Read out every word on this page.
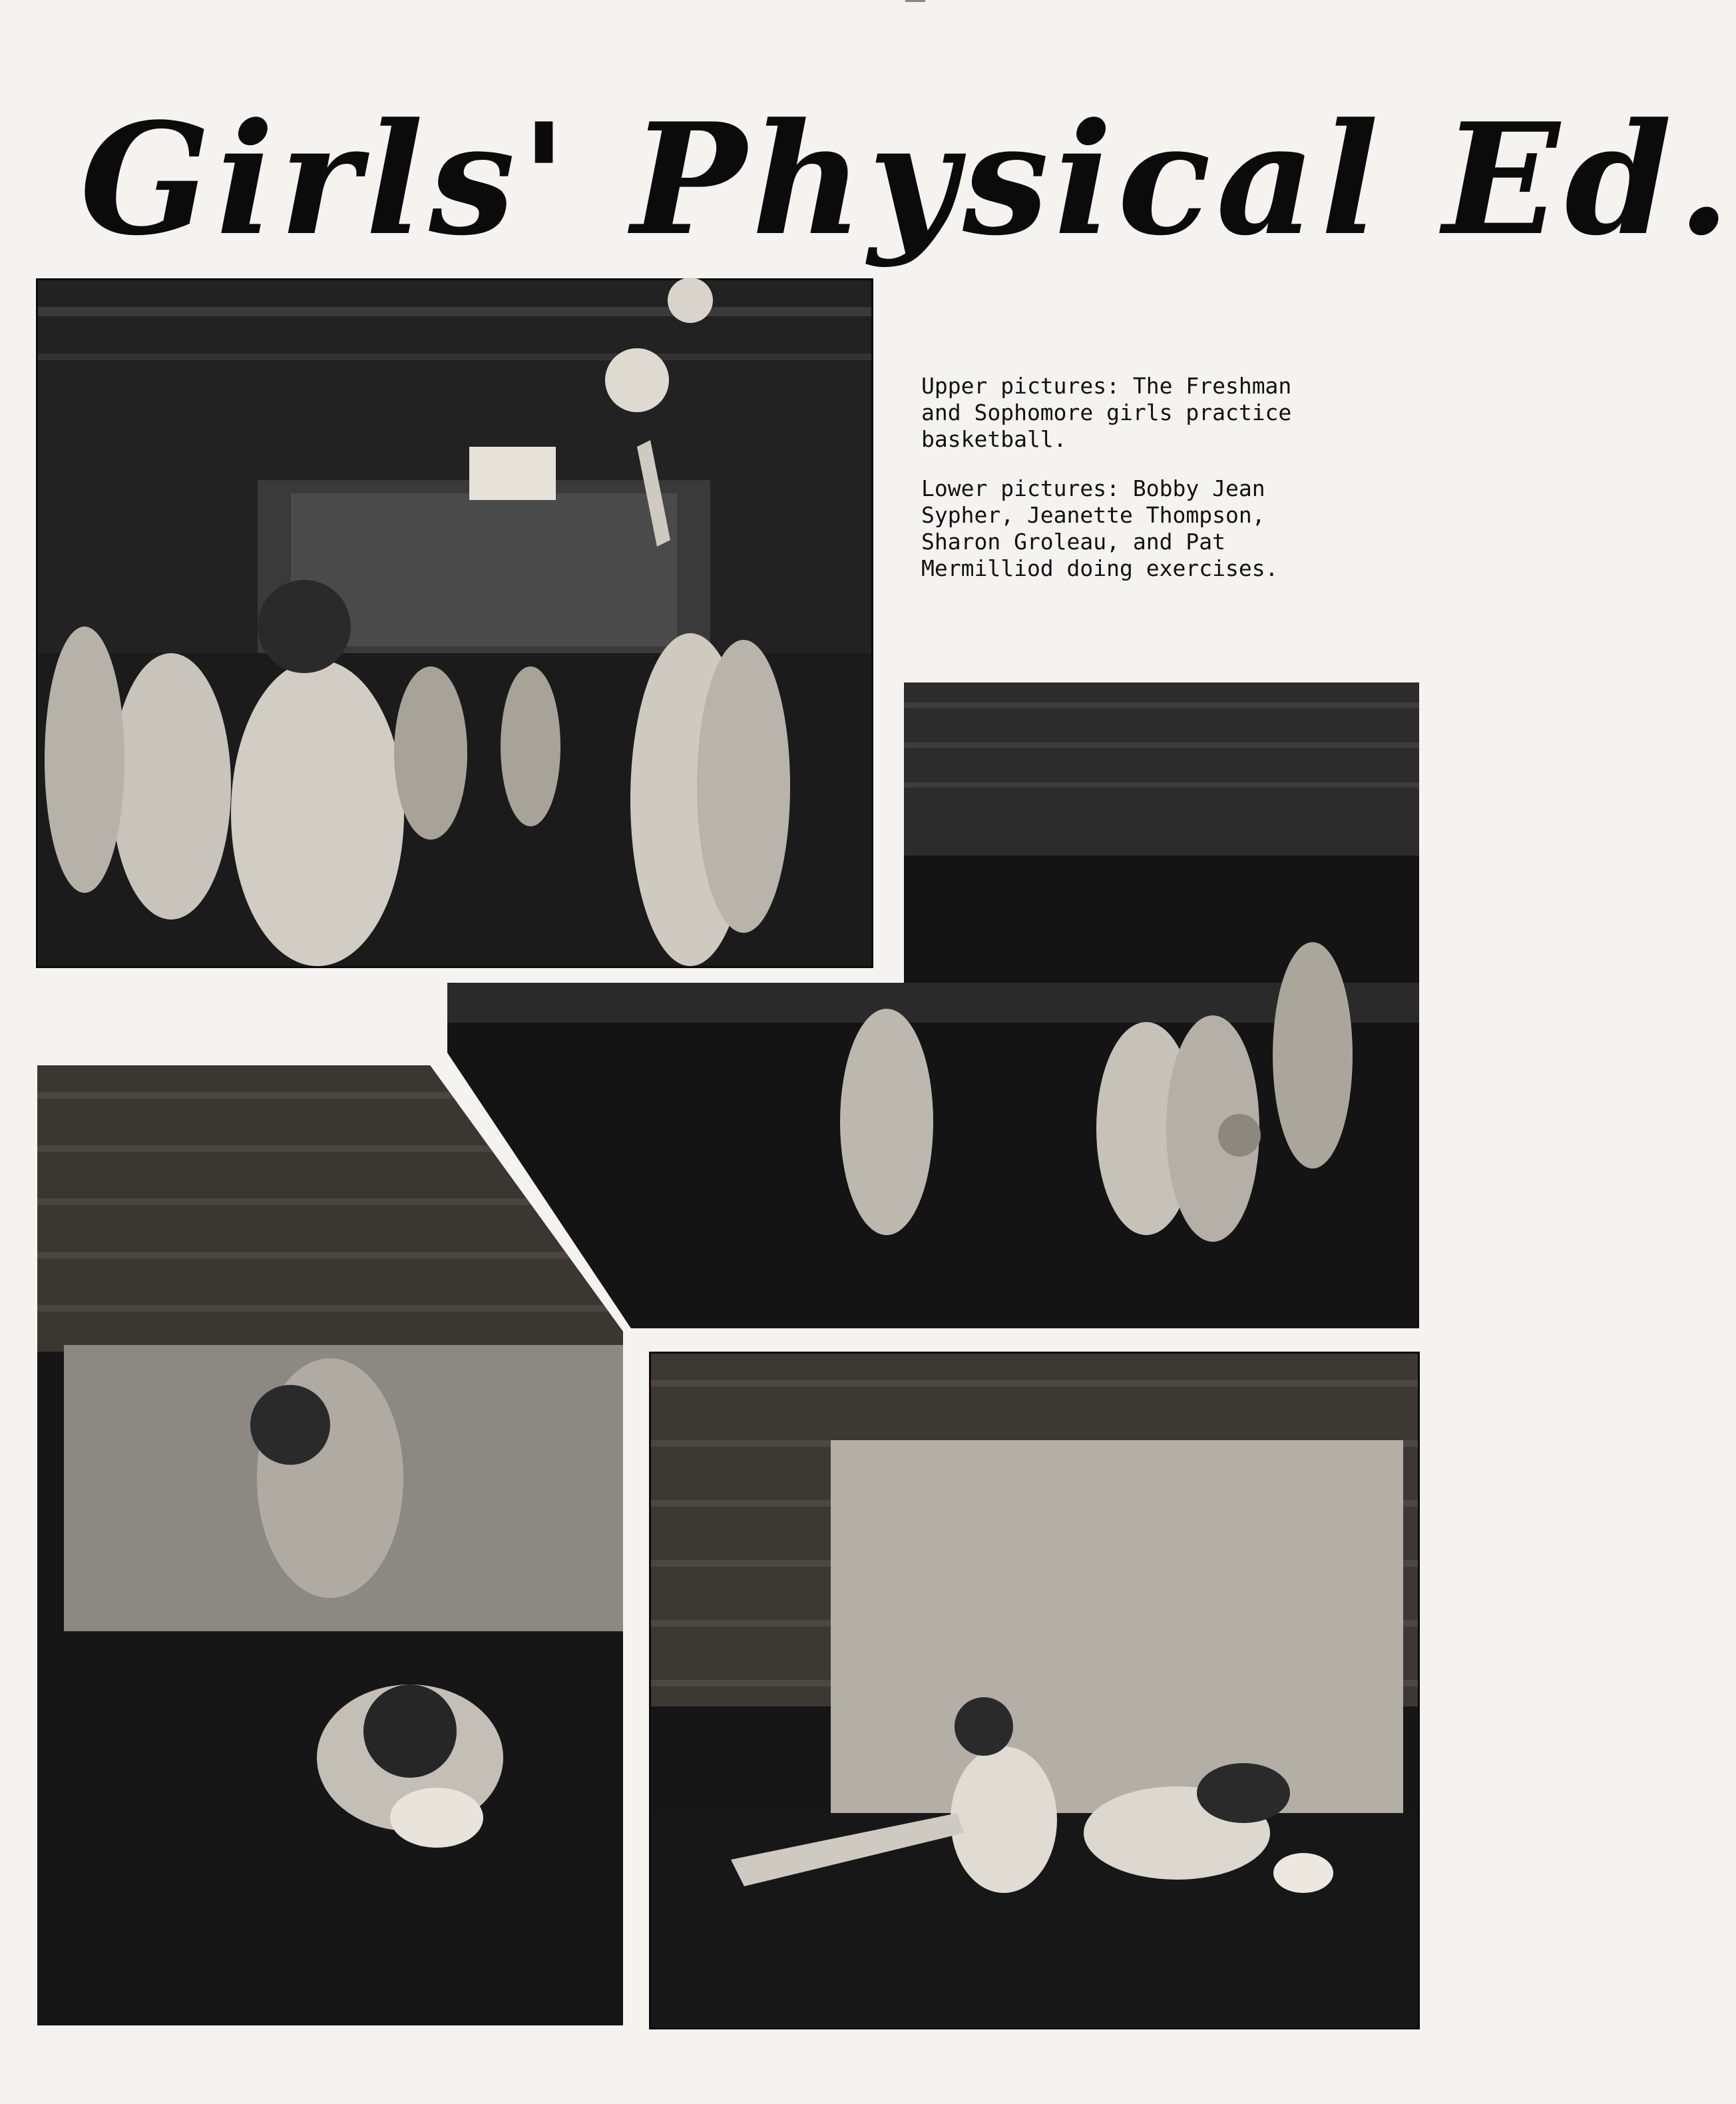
Girls' Physical Ed.

Upper pictures: The Freshman
and Sophomore girls practice
basketball.

Lower pictures: Bobby Jean
Sypher, Jeanette Thompson,
Sharon Groleau, and Pat
Mermilliod doing exercises.
